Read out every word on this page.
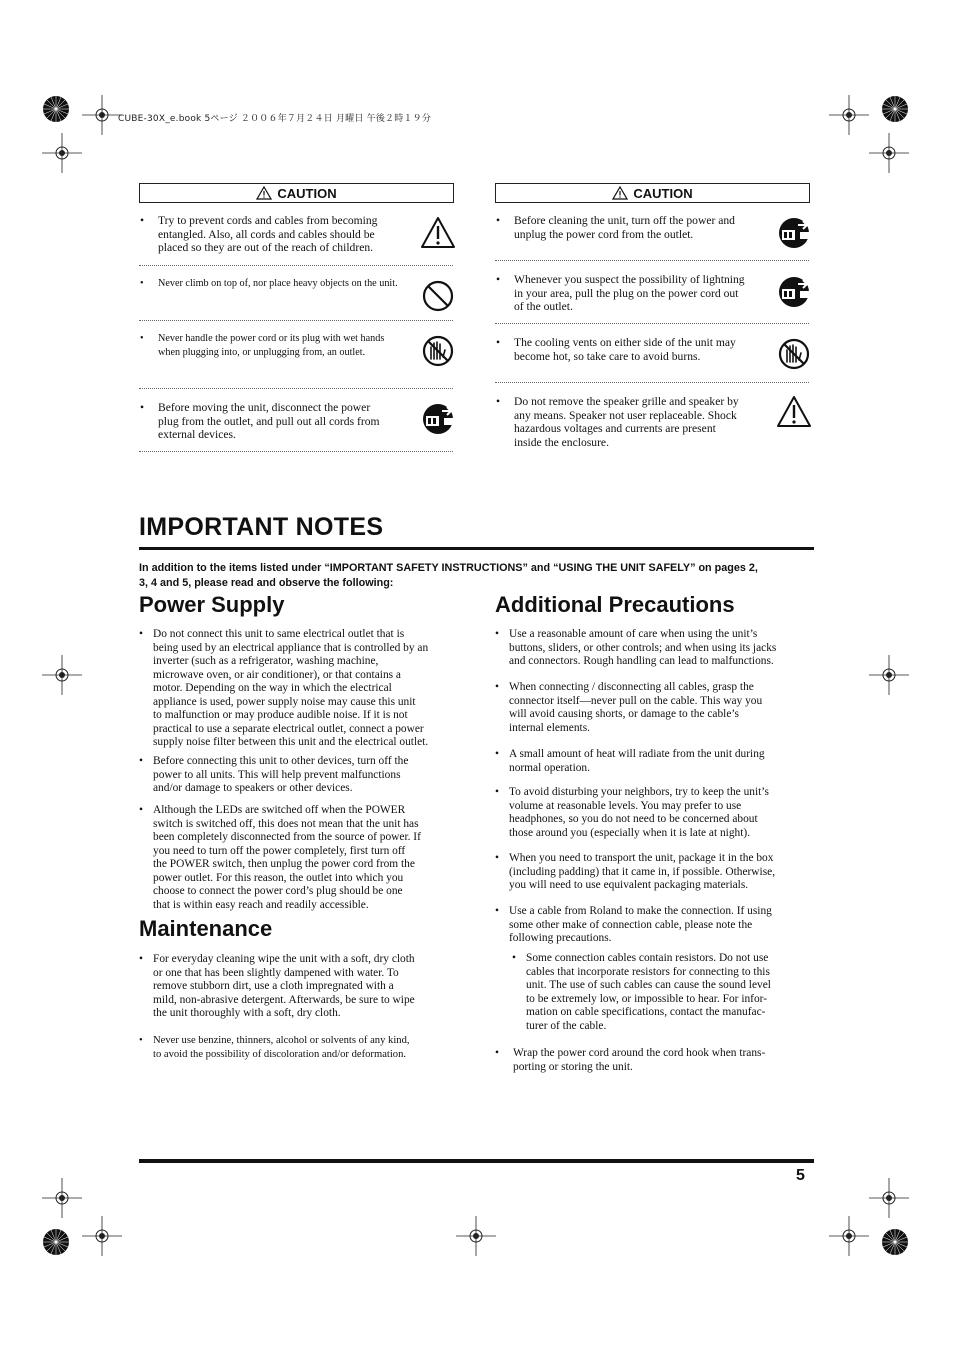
CUBE-30X_e.book 5ページ ２００６年７月２４日 月曜日 午後２時１９分
CAUTION
• Try to prevent cords and cables from becoming
entangled. Also, all cords and cables should be
placed so they are out of the reach of children.
• Never climb on top of, nor place heavy objects on the unit.
• Never handle the power cord or its plug with wet hands
when plugging into, or unplugging from, an outlet.
• Before moving the unit, disconnect the power
plug from the outlet, and pull out all cords from
external devices.
CAUTION
• Before cleaning the unit, turn off the power and
unplug the power cord from the outlet.
• Whenever you suspect the possibility of lightning
in your area, pull the plug on the power cord out
of the outlet.
• The cooling vents on either side of the unit may
become hot, so take care to avoid burns.
• Do not remove the speaker grille and speaker by
any means. Speaker not user replaceable. Shock
hazardous voltages and currents are present
inside the enclosure.
IMPORTANT NOTES
In addition to the items listed under “IMPORTANT SAFETY INSTRUCTIONS” and “USING THE UNIT SAFELY” on pages 2,
3, 4 and 5, please read and observe the following:
Power Supply
• Do not connect this unit to same electrical outlet that is
being used by an electrical appliance that is controlled by an
inverter (such as a refrigerator, washing machine,
microwave oven, or air conditioner), or that contains a
motor. Depending on the way in which the electrical
appliance is used, power supply noise may cause this unit
to malfunction or may produce audible noise. If it is not
practical to use a separate electrical outlet, connect a power
supply noise filter between this unit and the electrical outlet.
• Before connecting this unit to other devices, turn off the
power to all units. This will help prevent malfunctions
and/or damage to speakers or other devices.
• Although the LEDs are switched off when the POWER
switch is switched off, this does not mean that the unit has
been completely disconnected from the source of power. If
you need to turn off the power completely, first turn off
the POWER switch, then unplug the power cord from the
power outlet. For this reason, the outlet into which you
choose to connect the power cord’s plug should be one
that is within easy reach and readily accessible.
Maintenance
• For everyday cleaning wipe the unit with a soft, dry cloth
or one that has been slightly dampened with water. To
remove stubborn dirt, use a cloth impregnated with a
mild, non-abrasive detergent. Afterwards, be sure to wipe
the unit thoroughly with a soft, dry cloth.
• Never use benzine, thinners, alcohol or solvents of any kind,
to avoid the possibility of discoloration and/or deformation.
Additional Precautions
• Use a reasonable amount of care when using the unit’s
buttons, sliders, or other controls; and when using its jacks
and connectors. Rough handling can lead to malfunctions.
• When connecting / disconnecting all cables, grasp the
connector itself—never pull on the cable. This way you
will avoid causing shorts, or damage to the cable’s
internal elements.
• A small amount of heat will radiate from the unit during
normal operation.
• To avoid disturbing your neighbors, try to keep the unit’s
volume at reasonable levels. You may prefer to use
headphones, so you do not need to be concerned about
those around you (especially when it is late at night).
• When you need to transport the unit, package it in the box
(including padding) that it came in, if possible. Otherwise,
you will need to use equivalent packaging materials.
• Use a cable from Roland to make the connection. If using
some other make of connection cable, please note the
following precautions.
• Some connection cables contain resistors. Do not use
cables that incorporate resistors for connecting to this
unit. The use of such cables can cause the sound level
to be extremely low, or impossible to hear. For infor-
mation on cable specifications, contact the manufac-
turer of the cable.
• Wrap the power cord around the cord hook when trans-
porting or storing the unit.
5
